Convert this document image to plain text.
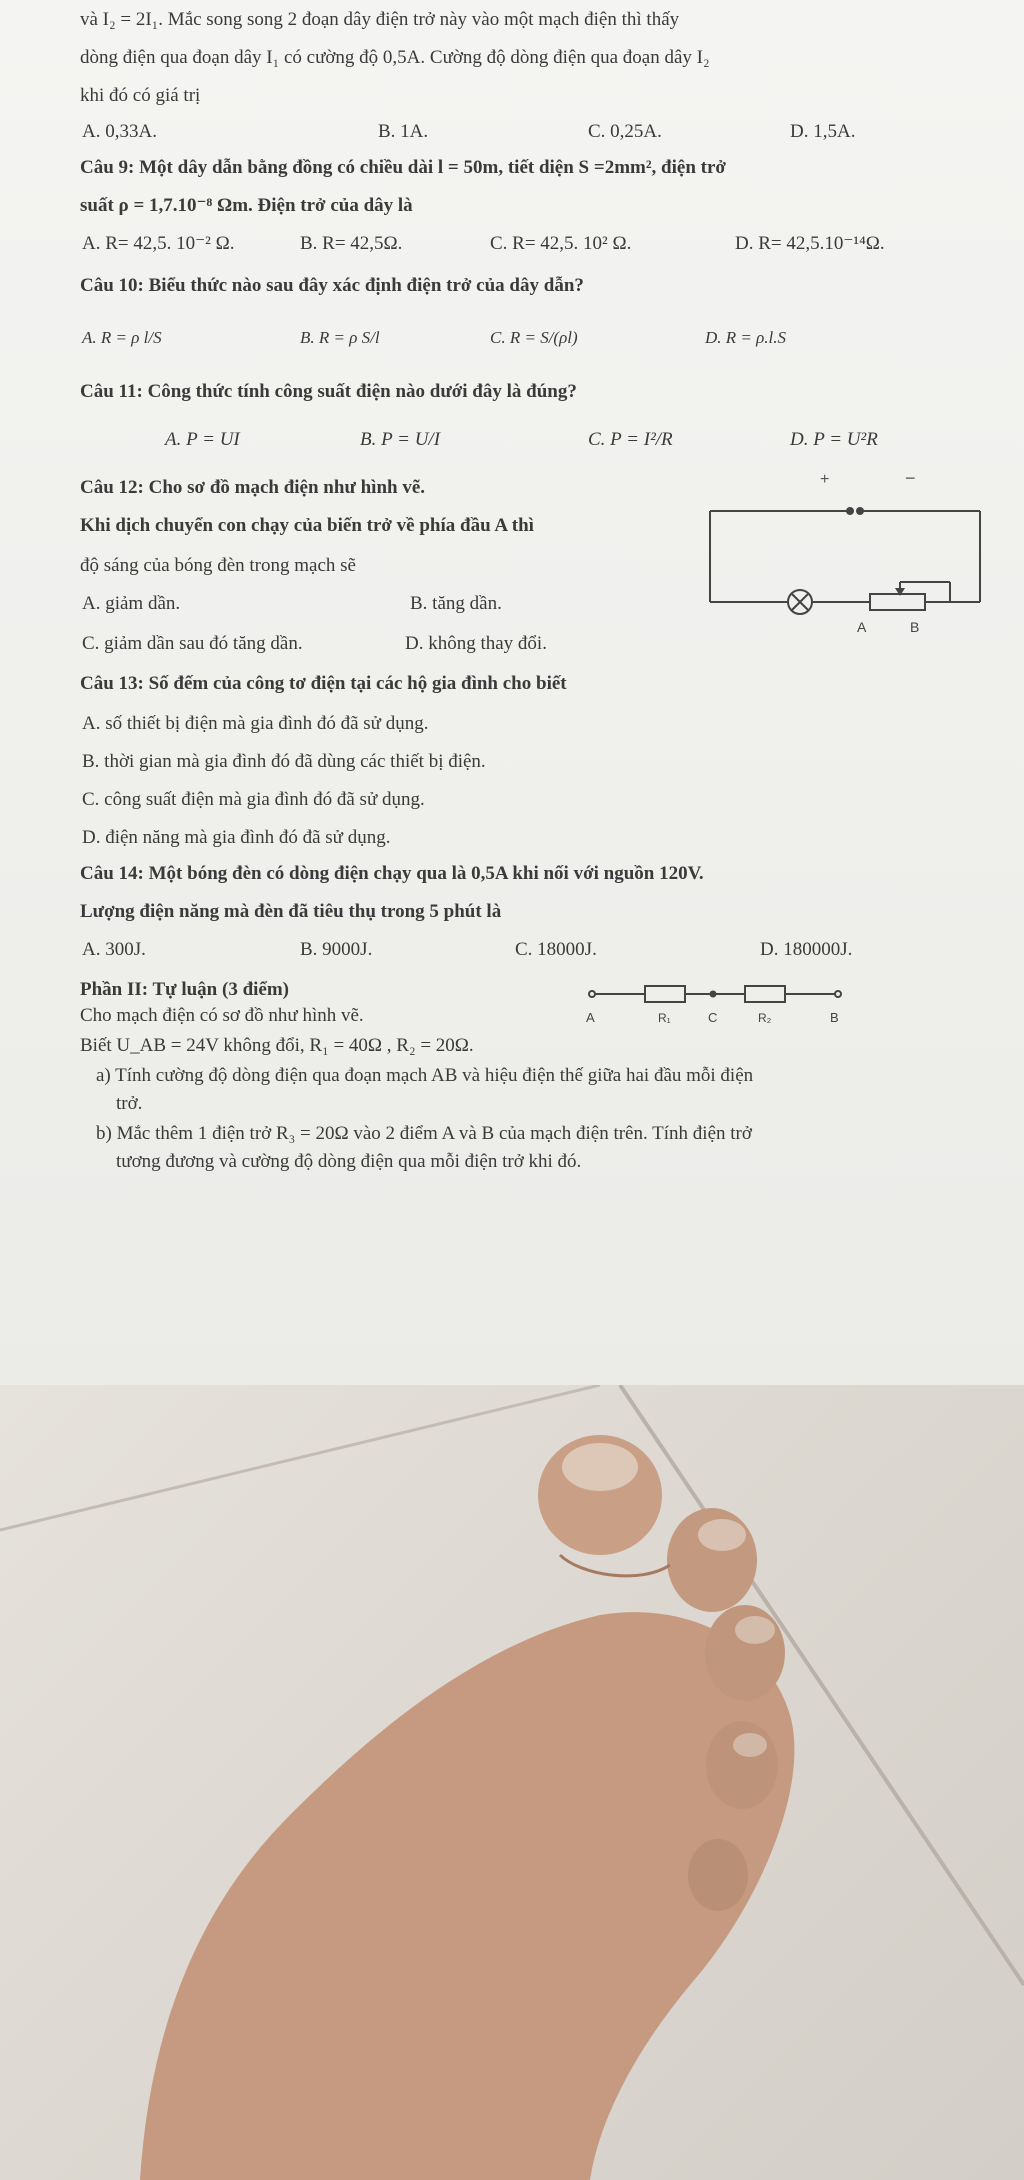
và I₂ = 2I₁. Mắc song song 2 đoạn dây điện trở này vào một mạch điện thì thấy
dòng điện qua đoạn dây I₁ có cường độ 0,5A. Cường độ dòng điện qua đoạn dây I₂
khi đó có giá trị
A. 0,33A.	B. 1A.	C. 0,25A.	D. 1,5A.
Câu 9: Một dây dẫn bằng đồng có chiều dài l = 50m, tiết diện S =2mm², điện trở
suất ρ = 1,7.10⁻⁸ Ωm. Điện trở của dây là
A. R= 42,5. 10⁻² Ω.	B. R= 42,5Ω.	C. R= 42,5. 10² Ω.	D. R= 42,5.10⁻¹⁴Ω.
Câu 10: Biểu thức nào sau đây xác định điện trở của dây dẫn?
A. R = ρ l/S	B. R = ρ S/l	C. R = S/(ρl)	D. R = ρ.l.S
Câu 11: Công thức tính công suất điện nào dưới đây là đúng?
A. P = UI	B. P = U/I	C. P = I²/R	D. P = U²R
Câu 12: Cho sơ đồ mạch điện như hình vẽ.
Khi dịch chuyển con chạy của biến trở về phía đầu A thì
độ sáng của bóng đèn trong mạch sẽ
A. giảm dần.	B. tăng dần.
C. giảm dần sau đó tăng dần.	D. không thay đổi.
+	−
A	B
Câu 13: Số đếm của công tơ điện tại các hộ gia đình cho biết
A. số thiết bị điện mà gia đình đó đã sử dụng.
B. thời gian mà gia đình đó đã dùng các thiết bị điện.
C. công suất điện mà gia đình đó đã sử dụng.
D. điện năng mà gia đình đó đã sử dụng.
Câu 14: Một bóng đèn có dòng điện chạy qua là 0,5A khi nối với nguồn 120V.
Lượng điện năng mà đèn đã tiêu thụ trong 5 phút là
A. 300J.	B. 9000J.	C. 18000J.	D. 180000J.
Phần II: Tự luận (3 điểm)
Cho mạch điện có sơ đồ như hình vẽ.
Biết U_AB = 24V không đổi, R₁ = 40Ω , R₂ = 20Ω.
A	R₁	C	R₂	B
a) Tính cường độ dòng điện qua đoạn mạch AB và hiệu điện thế giữa hai đầu mỗi điện
trở.
b) Mắc thêm 1 điện trở R₃ = 20Ω vào 2 điểm A và B của mạch điện trên. Tính điện trở
tương đương và cường độ dòng điện qua mỗi điện trở khi đó.
